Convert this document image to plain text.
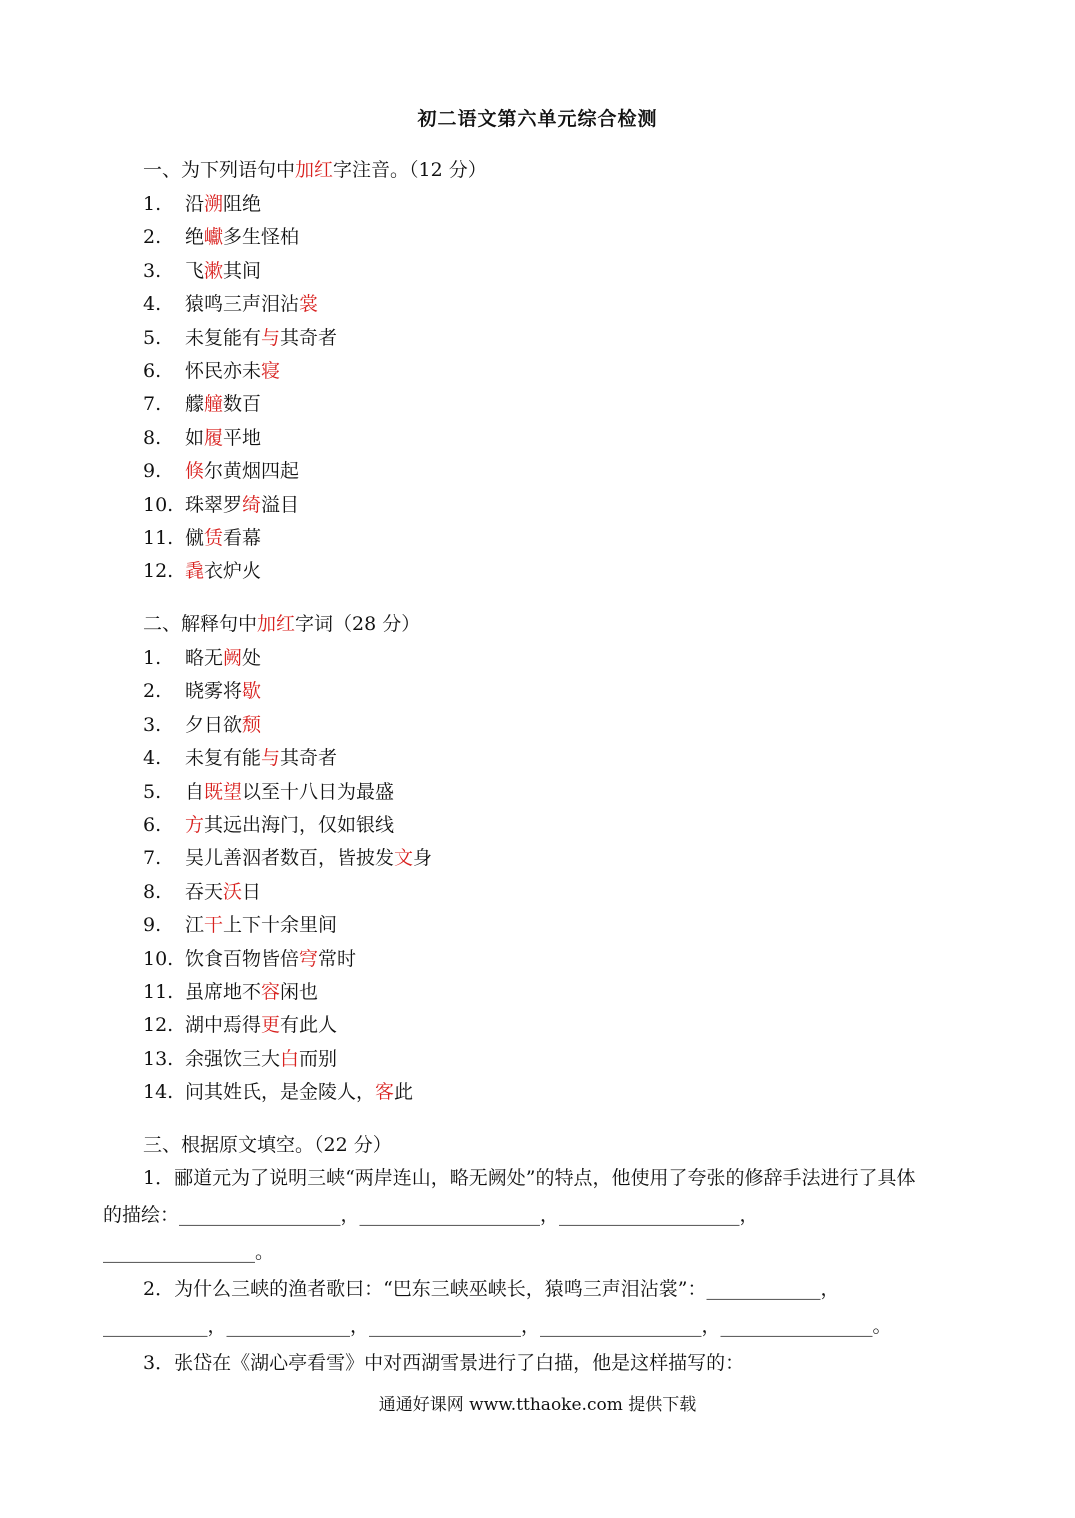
初二语文第六单元综合检测
一、为下列语句中加红字注音。（12 分）
1. 沿溯阻绝
2. 绝巘多生怪柏
3. 飞漱其间
4. 猿鸣三声泪沾裳
5. 未复能有与其奇者
6. 怀民亦未寝
7. 艨艟数百
8. 如履平地
9. 倏尔黄烟四起
10. 珠翠罗绮溢目
11. 僦赁看幕
12. 毳衣炉火
二、解释句中加红字词（28 分）
1. 略无阙处
2. 晓雾将歇
3. 夕日欲颓
4. 未复有能与其奇者
5. 自既望以至十八日为最盛
6. 方其远出海门，仅如银线
7. 吴儿善泅者数百，皆披发文身
8. 吞天沃日
9. 江干上下十余里间
10. 饮食百物皆倍穹常时
11. 虽席地不容闲也
12. 湖中焉得更有此人
13. 余强饮三大白而别
14. 问其姓氏，是金陵人，客此
三、根据原文填空。（22 分）

1．郦道元为了说明三峡“两岸连山，略无阙处”的特点，他使用了夸张的修辞手法进行了具体

的描绘：_________________，___________________，___________________，

________________。

2．为什么三峡的渔者歌曰：“巴东三峡巫峡长，猿鸣三声泪沾裳”：____________，

___________，_____________，________________，_________________，________________。

3．张岱在《湖心亭看雪》中对西湖雪景进行了白描，他是这样描写的：

通通好课网 www.tthaoke.com 提供下载
